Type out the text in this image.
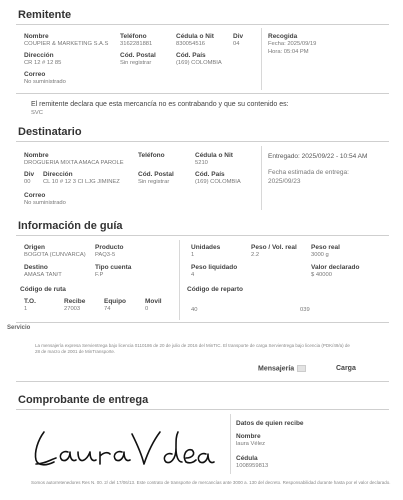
Remitente
Nombre
COUPIER & MARKETING S.A.S
Teléfono
3162281881
Cédula o Nit
830054516
Div
04
Dirección
CR 12 # 12 85
Cód. Postal
Sin registrar
Cód. País
(169) COLOMBIA
Correo
No suministrado
Recogida
Fecha: 2025/09/19
Hora: 05:04 PM
El remitente declara que esta mercancía no es contrabando y que su contenido es:
SVC
Destinatario
Nombre
DROGUERIA MIXTA AMACA PAROLE
Teléfono	Cédula o Nit
5210
Div
00
Dirección
CL 10 # 12 3 CI LJG JIMINEZ
Cód. Postal
Sin registrar
Cód. País
(169) COLOMBIA
Correo
No suministrado
Entregado: 2025/09/22 - 10:54 AM
Fecha estimada de entrega: 2025/09/23
Información de guía
Origen
BOGOTA (CUNVARCA)
Producto
PAQ3-5
Destino
AMASA TAN/T
Tipo cuenta
F.P
Código de ruta
T.O.
1
Recibe
27003
Equipo
74
Movil
0
Unidades
1
Peso / Vol. real
2.2
Peso real
3000 g
Peso liquidado
4
Valor declarado
$ 40000
Código de reparto
40	039
Servicio
La mensajería expresa Servientrega bajo licencia 0110186 de 20 de julio de 2016 del MinTIC. El transporte de carga Servientrega bajo licencia (PDK/49/a) de 28 de marzo de 2001 de MinTransporte.
Mensajería	Carga
Comprobante de entrega
Datos de quien recibe
Nombre
laura Vélez
Cédula
1008959813
Somos autorretenedores Res N. 00. 2/ del 17/06/13. Este contrato de transporte de mercancías ante 3000 a. 130 del decreto. Responsabilidad durante hasta por el valor declarado.
